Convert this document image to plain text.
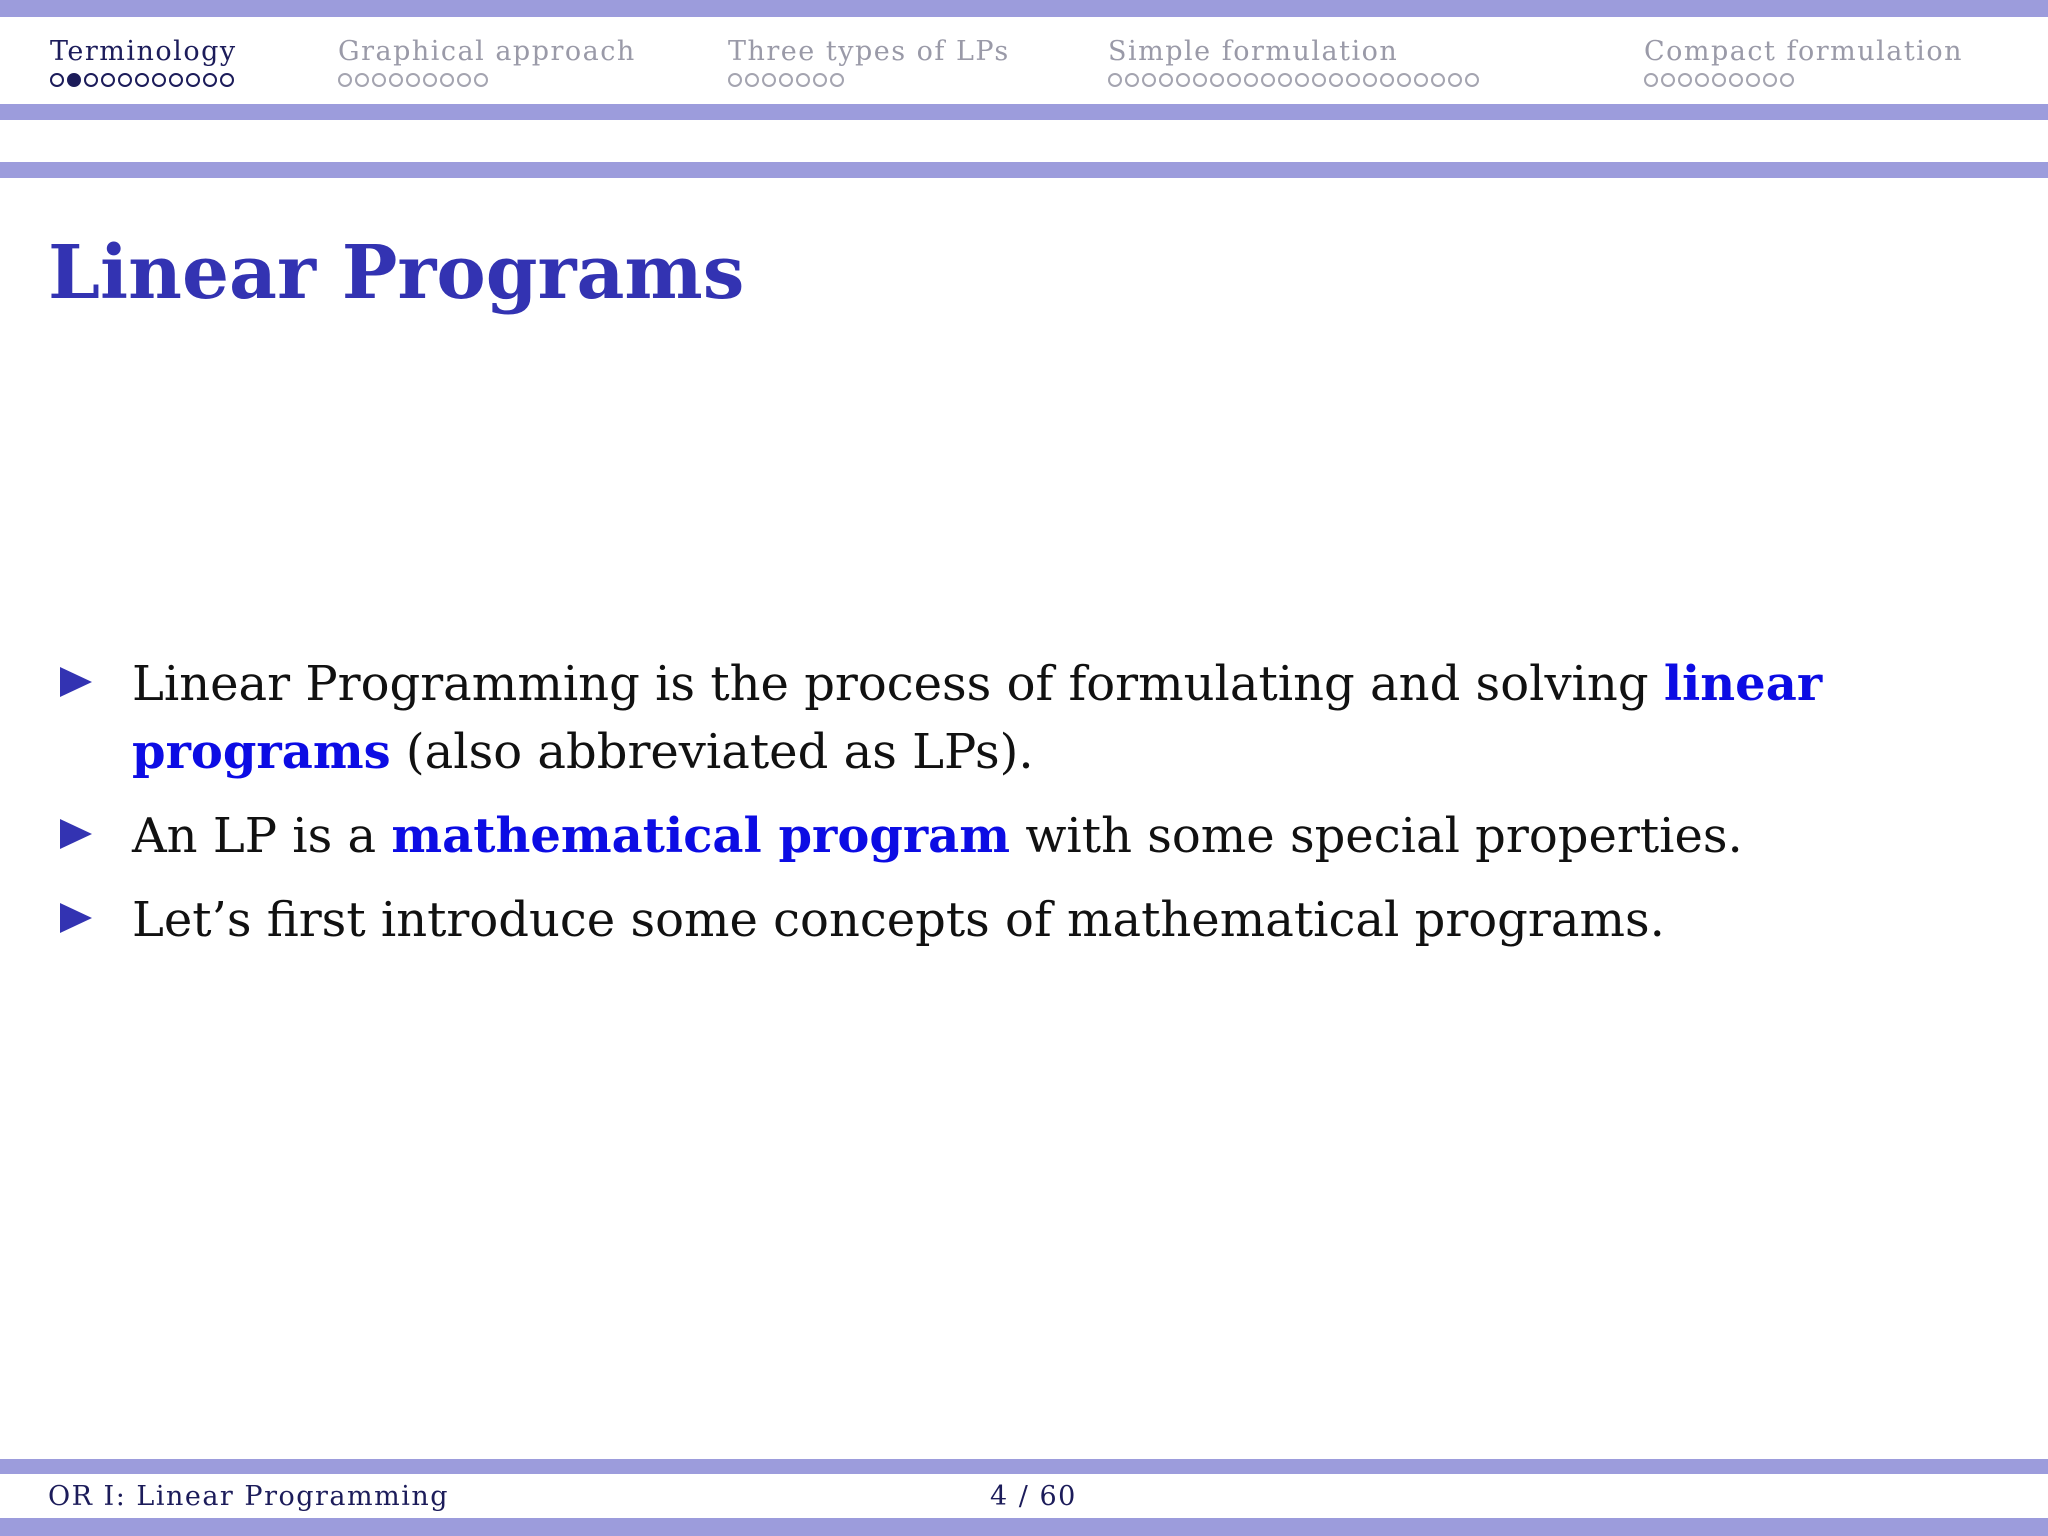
Terminology	Graphical approach	Three types of LPs	Simple formulation	Compact formulation
Linear Programs
Linear Programming is the process of formulating and solving linear programs (also abbreviated as LPs).
An LP is a mathematical program with some special properties.
Let’s first introduce some concepts of mathematical programs.
OR I: Linear Programming	4 / 60
